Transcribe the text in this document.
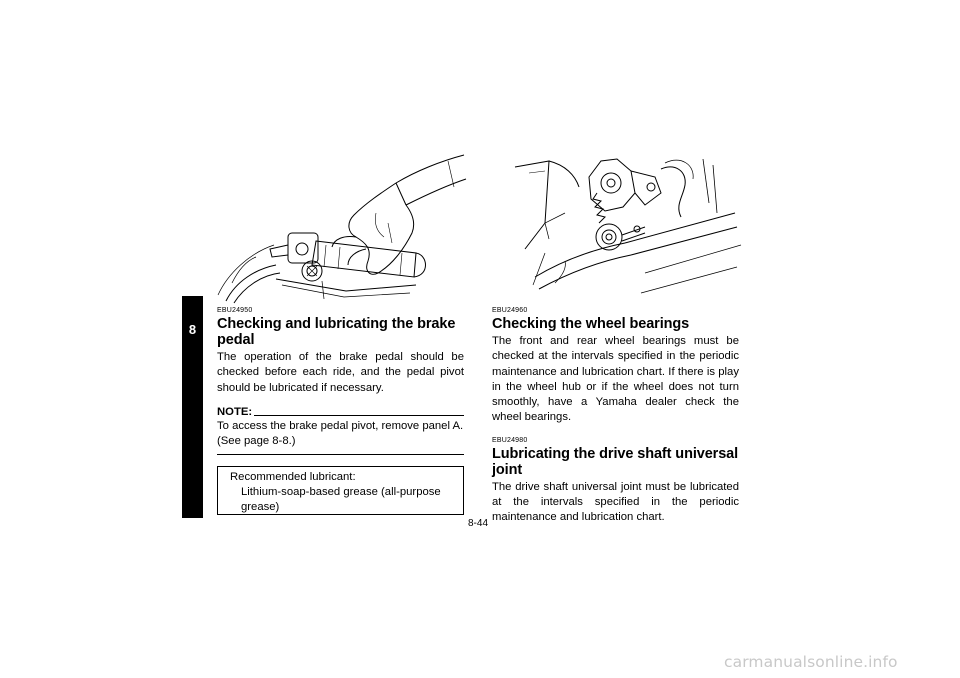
8

EBU24950

Checking and lubricating the brake pedal

The operation of the brake pedal should be checked before each ride, and the pedal pivot should be lubricated if necessary.

NOTE:

To access the brake pedal pivot, remove panel A. (See page 8-8.)

Recommended lubricant:
Lithium-soap-based grease (all-purpose grease)

EBU24960

Checking the wheel bearings

The front and rear wheel bearings must be checked at the intervals specified in the periodic maintenance and lubrication chart. If there is play in the wheel hub or if the wheel does not turn smoothly, have a Yamaha dealer check the wheel bearings.

EBU24980

Lubricating the drive shaft universal joint

The drive shaft universal joint must be lubricated at the intervals specified in the periodic maintenance and lubrication chart.

8-44
carmanualsonline.info
